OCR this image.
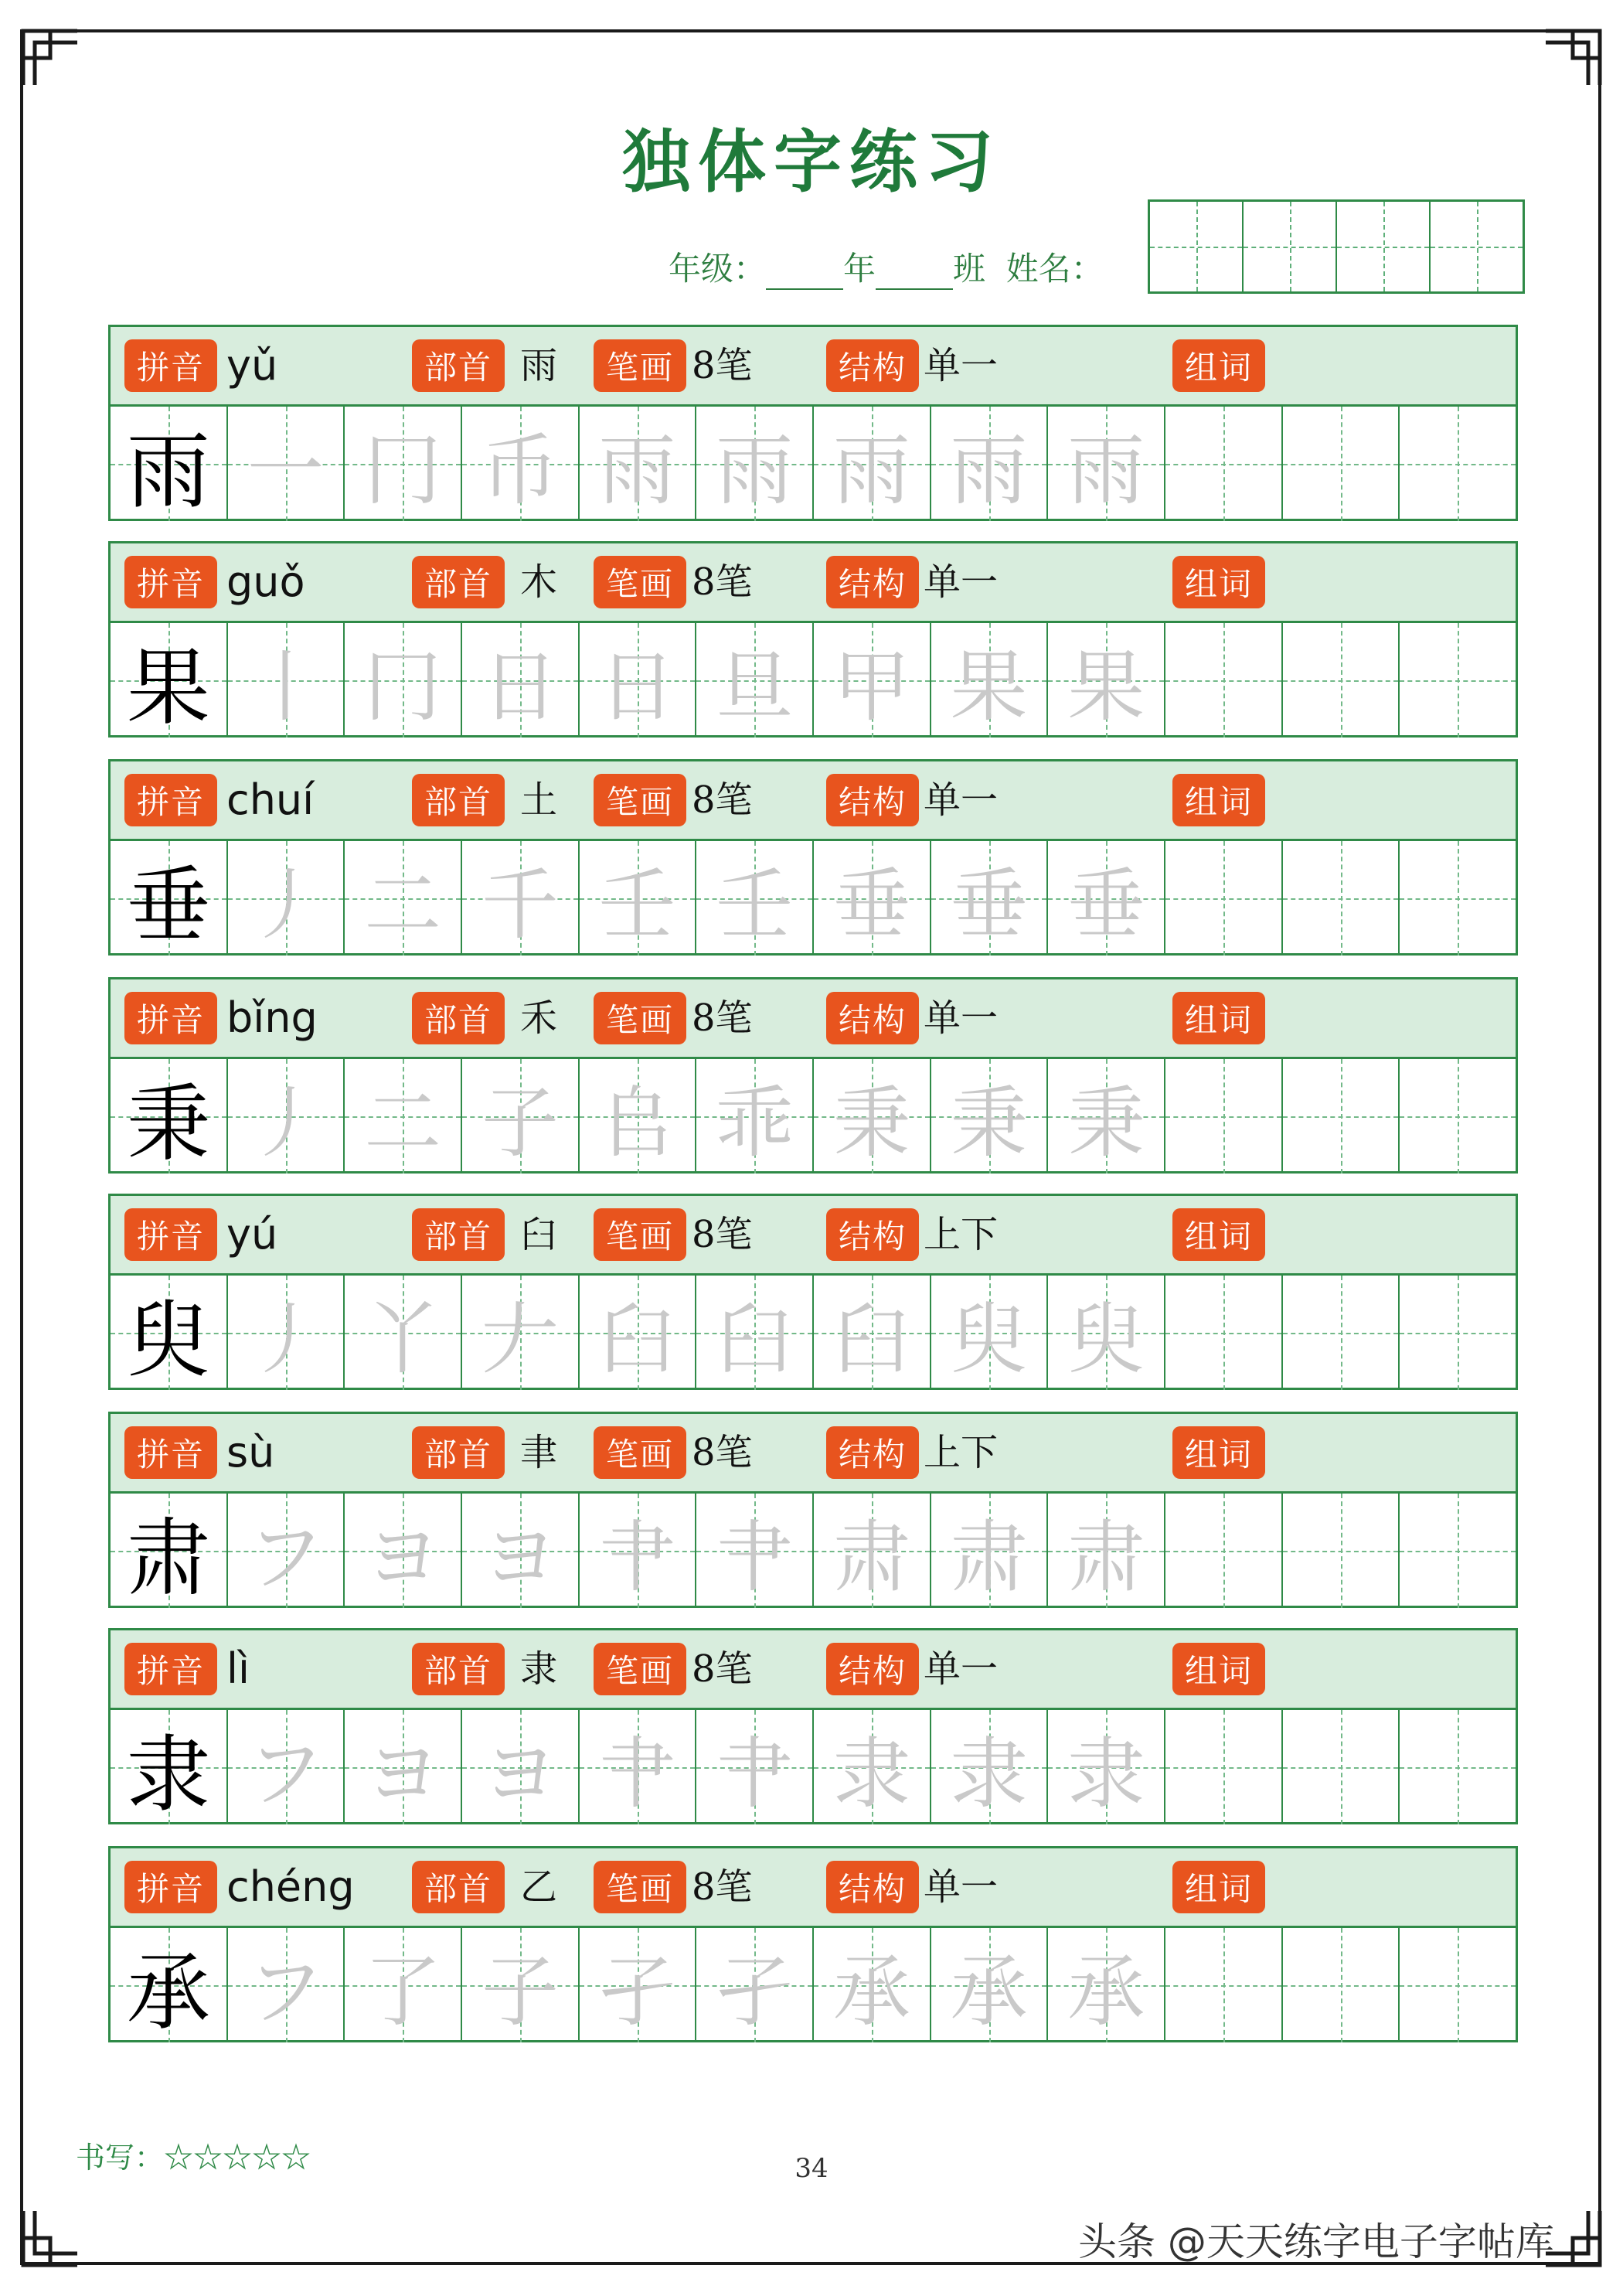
独体字练习
年级： 年 班 姓名：
拼音	部首	笔画	结构	组词
yǔ	雨	8笔	单一
雨 一 冂 币 雨 雨 雨 雨 雨
拼音	部首	笔画	结构	组词
guǒ	木	8笔	单一
果 丨 冂 日 日 旦 甲 果 果
拼音	部首	笔画	结构	组词
chuí	土	8笔	单一
垂 丿 二 千 壬 壬 垂 垂 垂
拼音	部首	笔画	结构	组词
bǐng	禾	8笔	单一
秉 丿 二 子 𠂤 乖 秉 秉 秉
拼音	部首	笔画	结构	组词
yú	臼	8笔	上下
臾 丿 丫 𠂇 臼 臼 臼 臾 臾
拼音	部首	笔画	结构	组词
sù	聿	8笔	上下
肃 フ ヨ ヨ 肀 肀 肃 肃 肃
拼音	部首	笔画	结构	组词
lì	隶	8笔	单一
隶 フ ヨ ヨ 肀 肀 隶 隶 隶
拼音	部首	笔画	结构	组词
chéng	乙	8笔	单一
承 フ 了 子 孑 孑 承 承 承
书写：☆☆☆☆☆	34
头条 @天天练字电子字帖库
